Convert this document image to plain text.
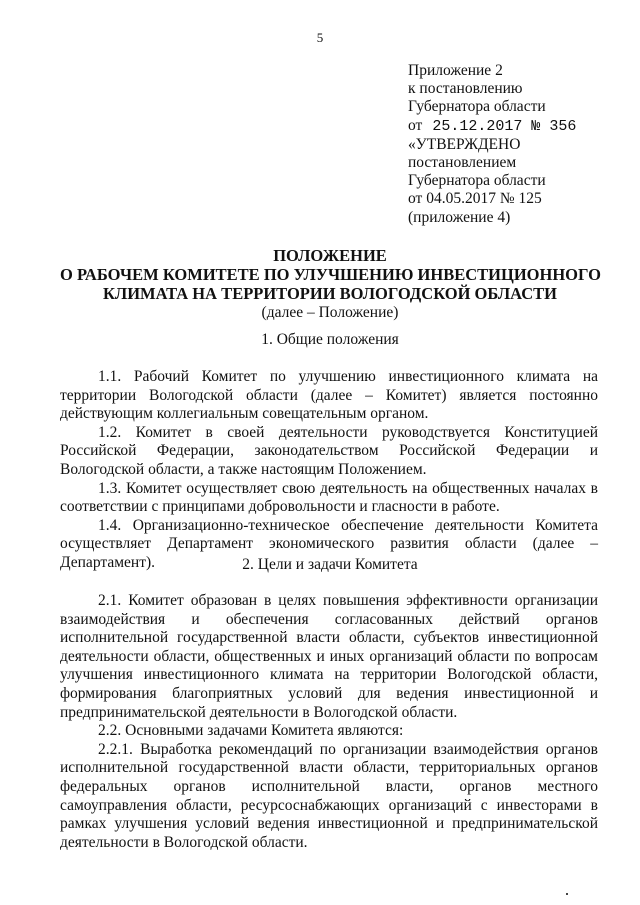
5
Приложение 2
к постановлению
Губернатора области
от 25.12.2017 № 356
«УТВЕРЖДЕНО
постановлением
Губернатора области
от 04.05.2017 № 125
(приложение 4)
ПОЛОЖЕНИЕ
О РАБОЧЕМ КОМИТЕТЕ ПО УЛУЧШЕНИЮ ИНВЕСТИЦИОННОГО
КЛИМАТА НА ТЕРРИТОРИИ ВОЛОГОДСКОЙ ОБЛАСТИ
(далее – Положение)
1. Общие положения

1.1. Рабочий Комитет по улучшению инвестиционного климата на территории Вологодской области (далее – Комитет) является постоянно действующим коллегиальным совещательным органом.

1.2. Комитет в своей деятельности руководствуется Конституцией Российской Федерации, законодательством Российской Федерации и Вологодской области, а также настоящим Положением.

1.3. Комитет осуществляет свою деятельность на общественных началах в соответствии с принципами добровольности и гласности в работе.

1.4. Организационно-техническое обеспечение деятельности Комитета осуществляет Департамент экономического развития области (далее – Департамент).	2. Цели и задачи Комитета

2.1. Комитет образован в целях повышения эффективности организации взаимодействия и обеспечения согласованных действий органов исполнительной государственной власти области, субъектов инвестиционной деятельности области, общественных и иных организаций области по вопросам улучшения инвестиционного климата на территории Вологодской области, формирования благоприятных условий для ведения инвестиционной и предпринимательской деятельности в Вологодской области.

2.2. Основными задачами Комитета являются:

2.2.1. Выработка рекомендаций по организации взаимодействия органов исполнительной государственной власти области, территориальных органов федеральных органов исполнительной власти, органов местного самоуправления области, ресурсоснабжающих организаций с инвесторами в рамках улучшения условий ведения инвестиционной и предпринимательской деятельности в Вологодской области.
